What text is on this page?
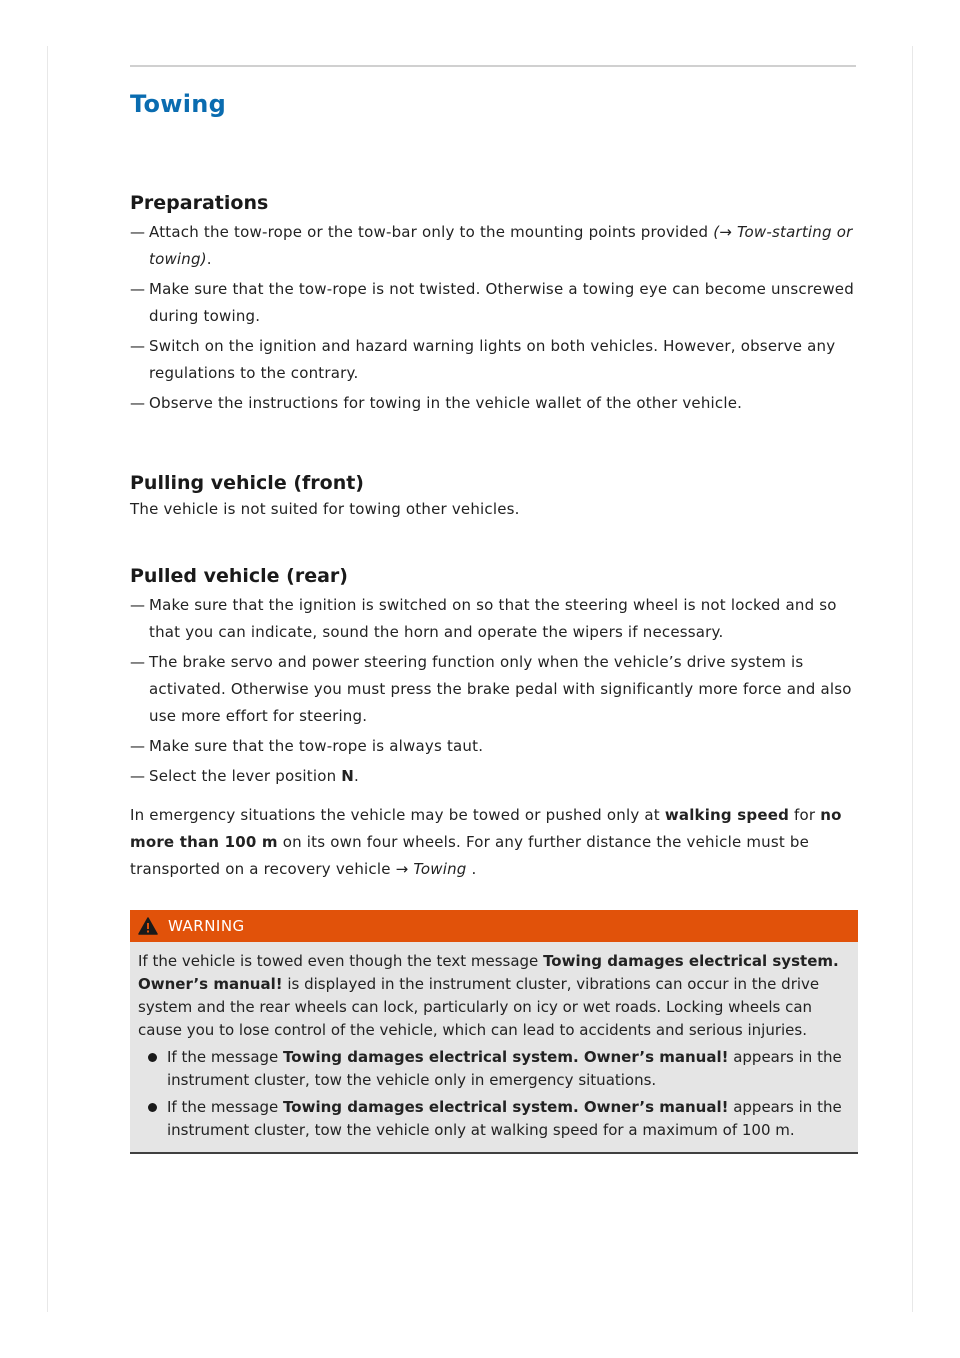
Towing
Preparations
— Attach the tow-rope or the tow-bar only to the mounting points provided (→ Tow-starting or towing).
— Make sure that the tow-rope is not twisted. Otherwise a towing eye can become unscrewed during towing.
— Switch on the ignition and hazard warning lights on both vehicles. However, observe any regulations to the contrary.
— Observe the instructions for towing in the vehicle wallet of the other vehicle.
Pulling vehicle (front)
The vehicle is not suited for towing other vehicles.
Pulled vehicle (rear)
— Make sure that the ignition is switched on so that the steering wheel is not locked and so that you can indicate, sound the horn and operate the wipers if necessary.
— The brake servo and power steering function only when the vehicle’s drive system is activated. Otherwise you must press the brake pedal with significantly more force and also use more effort for steering.
— Make sure that the tow-rope is always taut.
— Select the lever position N.
In emergency situations the vehicle may be towed or pushed only at walking speed for no more than 100 m on its own four wheels. For any further distance the vehicle must be transported on a recovery vehicle → Towing .
WARNING

If the vehicle is towed even though the text message Towing damages electrical system. Owner’s manual! is displayed in the instrument cluster, vibrations can occur in the drive system and the rear wheels can lock, particularly on icy or wet roads. Locking wheels can cause you to lose control of the vehicle, which can lead to accidents and serious injuries.

If the message Towing damages electrical system. Owner’s manual! appears in the instrument cluster, tow the vehicle only in emergency situations.
If the message Towing damages electrical system. Owner’s manual! appears in the instrument cluster, tow the vehicle only at walking speed for a maximum of 100 m.
